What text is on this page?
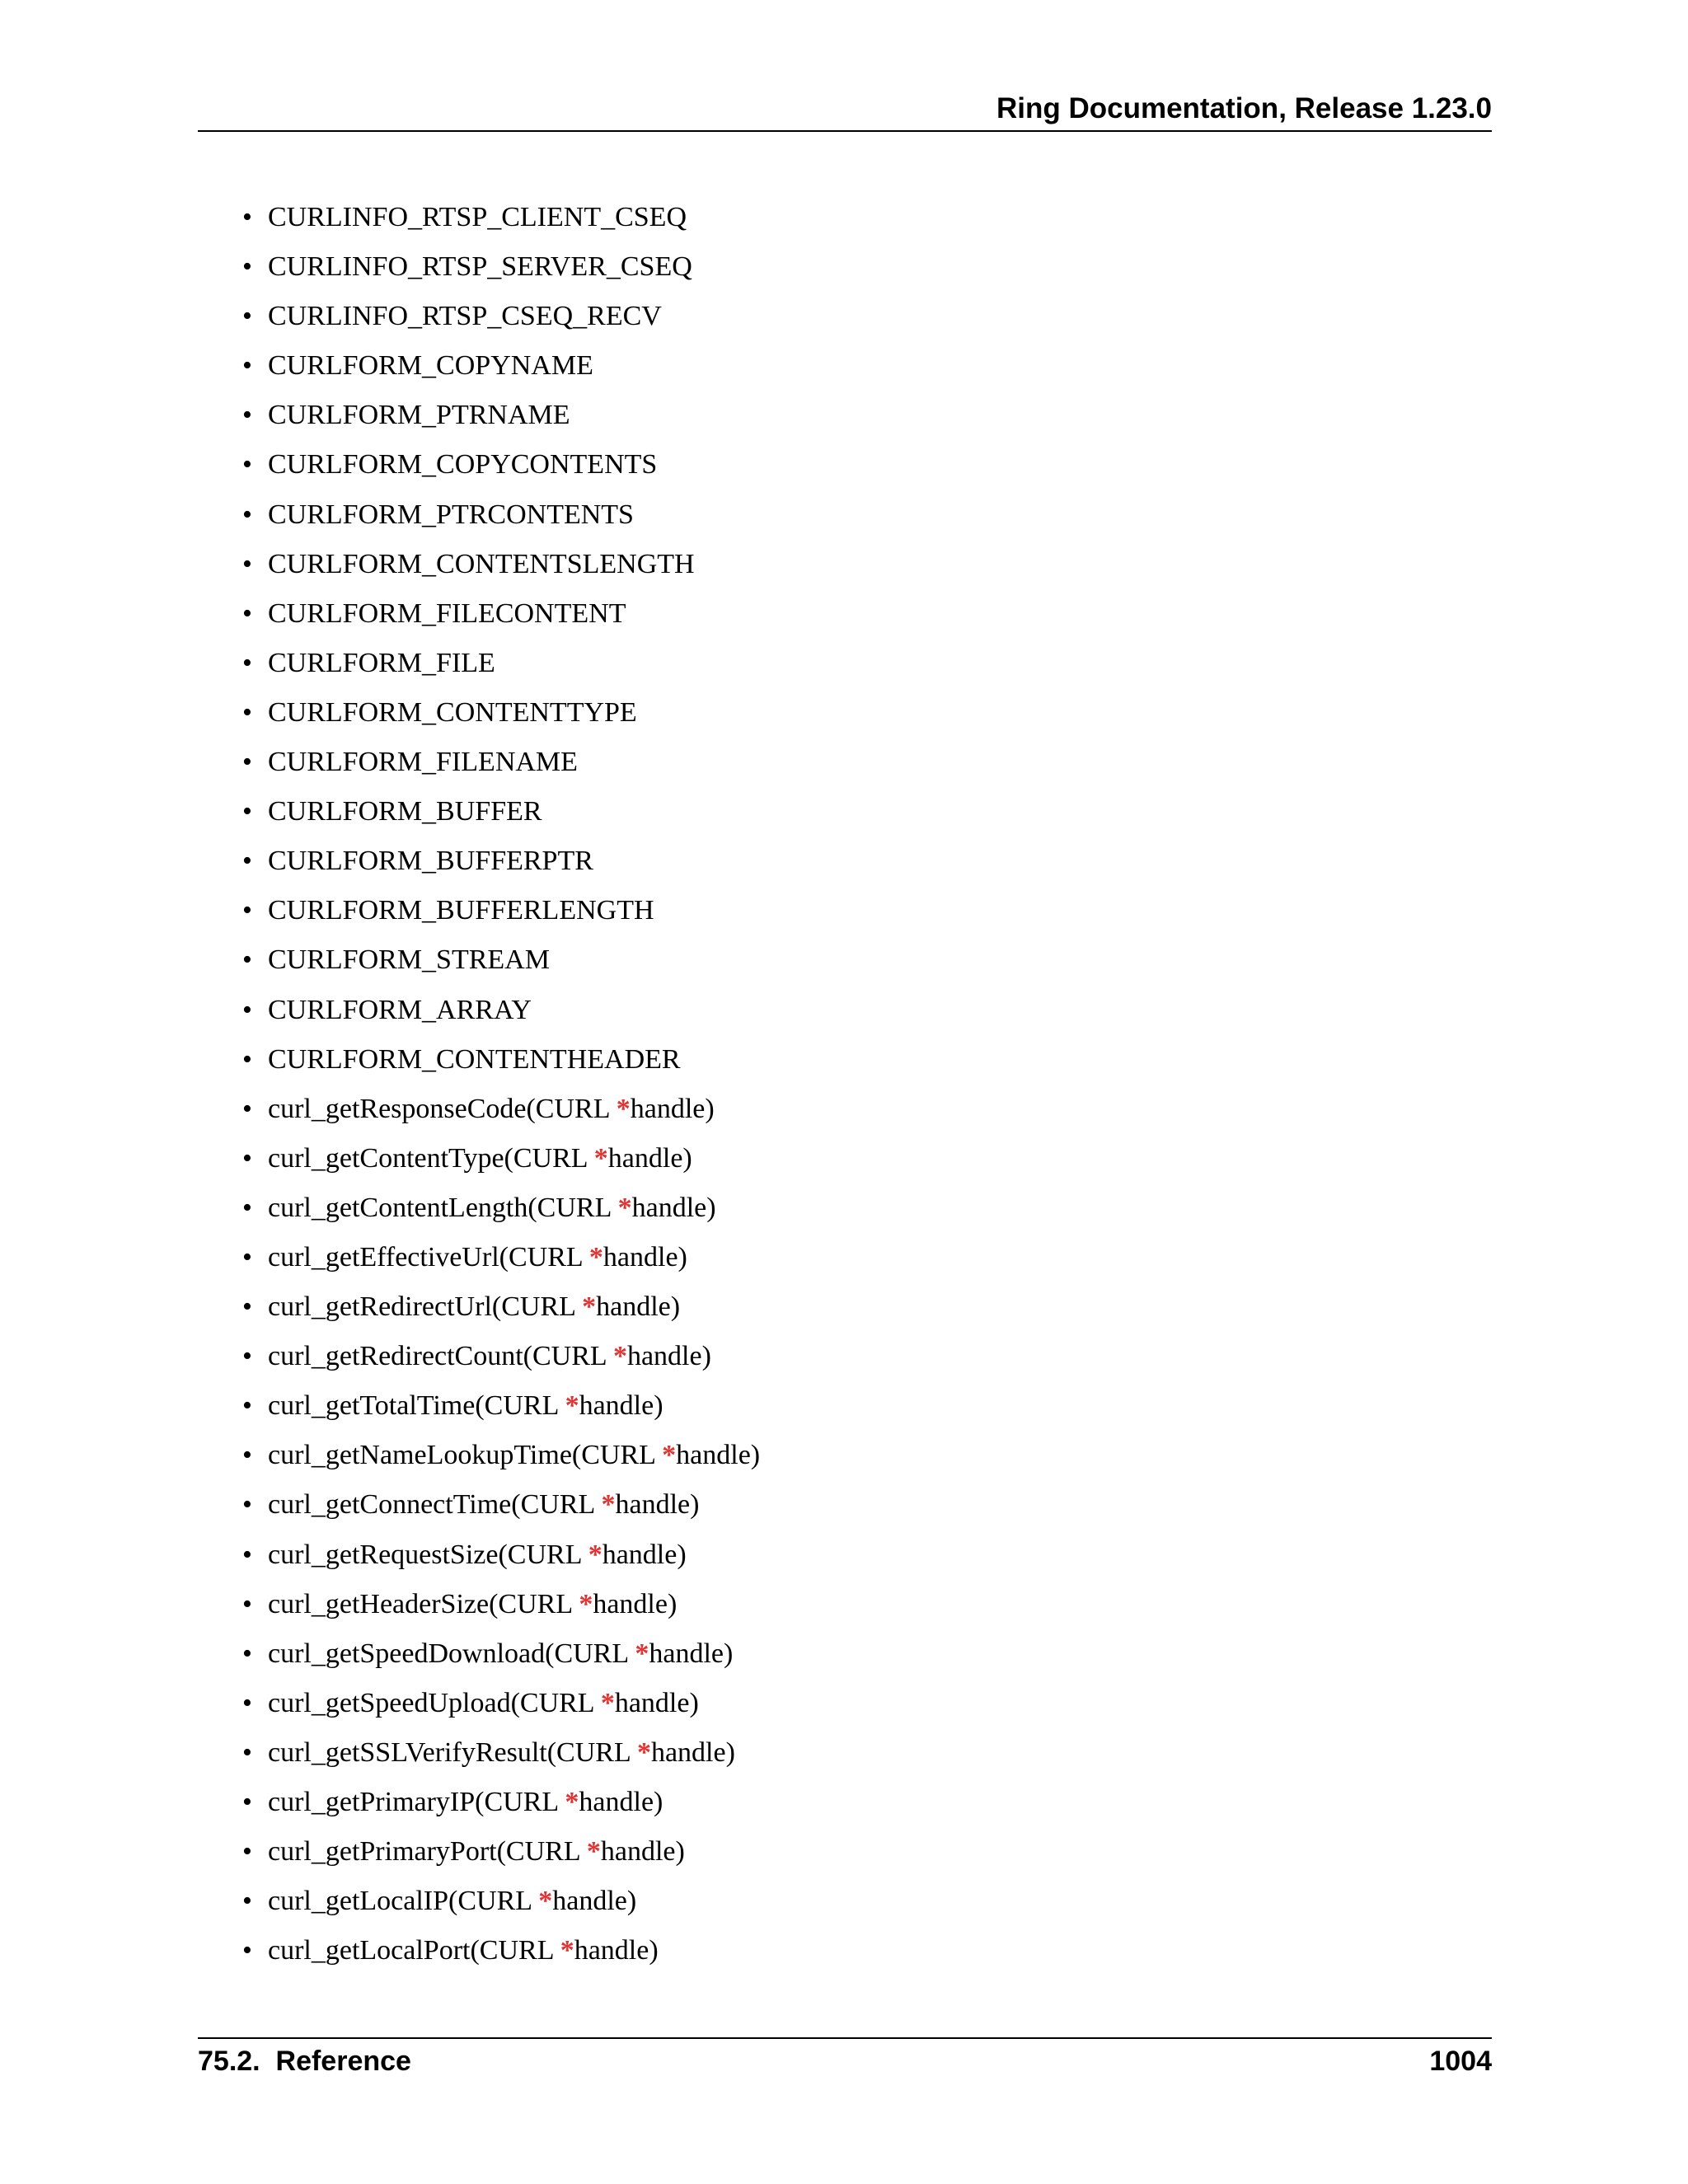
Ring Documentation, Release 1.23.0
• CURLINFO_RTSP_CLIENT_CSEQ
• CURLINFO_RTSP_SERVER_CSEQ
• CURLINFO_RTSP_CSEQ_RECV
• CURLFORM_COPYNAME
• CURLFORM_PTRNAME
• CURLFORM_COPYCONTENTS
• CURLFORM_PTRCONTENTS
• CURLFORM_CONTENTSLENGTH
• CURLFORM_FILECONTENT
• CURLFORM_FILE
• CURLFORM_CONTENTTYPE
• CURLFORM_FILENAME
• CURLFORM_BUFFER
• CURLFORM_BUFFERPTR
• CURLFORM_BUFFERLENGTH
• CURLFORM_STREAM
• CURLFORM_ARRAY
• CURLFORM_CONTENTHEADER
• curl_getResponseCode(CURL *handle)
• curl_getContentType(CURL *handle)
• curl_getContentLength(CURL *handle)
• curl_getEffectiveUrl(CURL *handle)
• curl_getRedirectUrl(CURL *handle)
• curl_getRedirectCount(CURL *handle)
• curl_getTotalTime(CURL *handle)
• curl_getNameLookupTime(CURL *handle)
• curl_getConnectTime(CURL *handle)
• curl_getRequestSize(CURL *handle)
• curl_getHeaderSize(CURL *handle)
• curl_getSpeedDownload(CURL *handle)
• curl_getSpeedUpload(CURL *handle)
• curl_getSSLVerifyResult(CURL *handle)
• curl_getPrimaryIP(CURL *handle)
• curl_getPrimaryPort(CURL *handle)
• curl_getLocalIP(CURL *handle)
• curl_getLocalPort(CURL *handle)
75.2.  Reference	1004
